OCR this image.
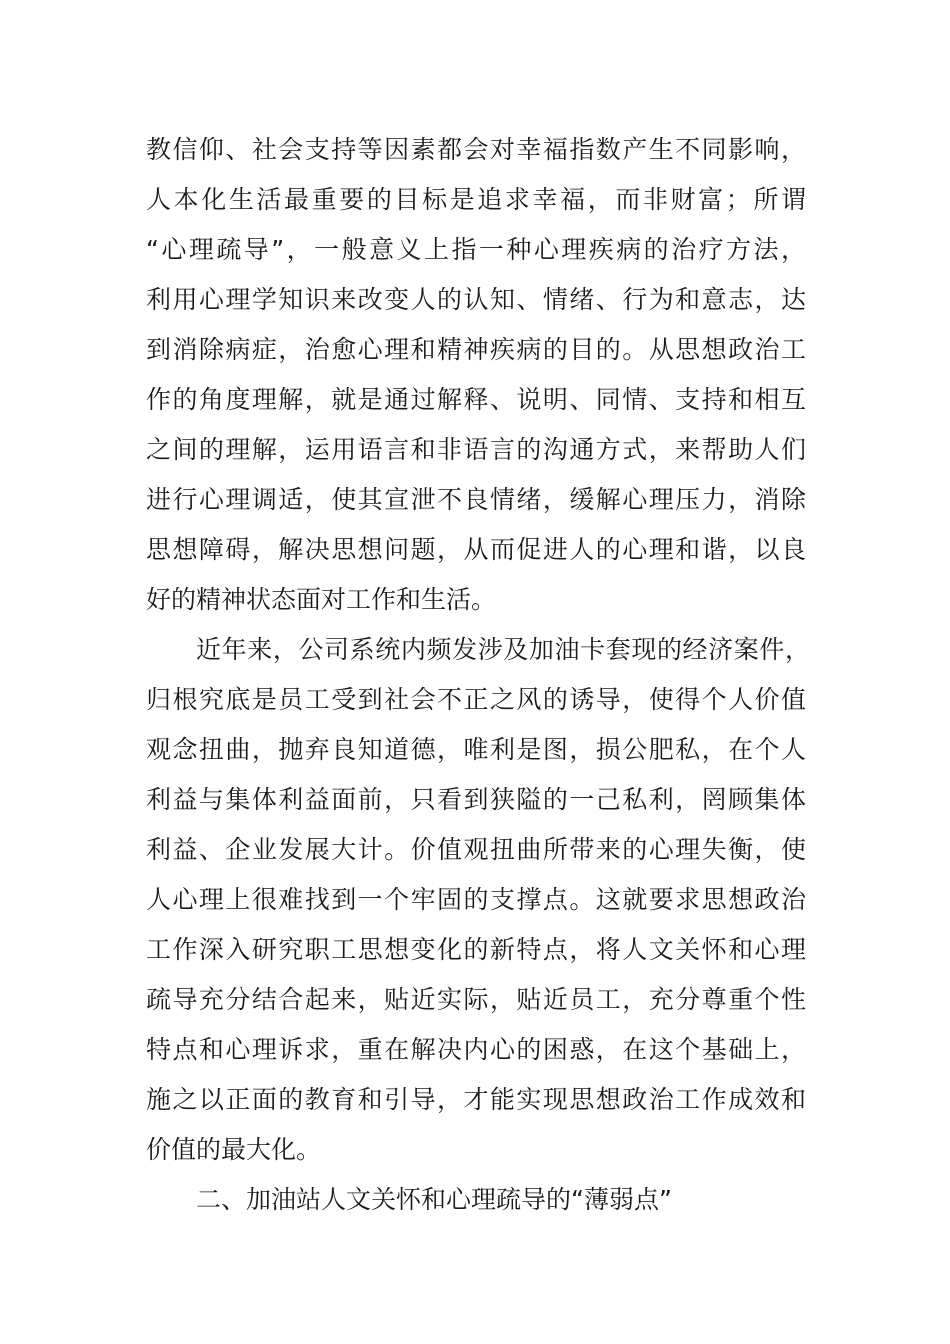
教信仰、社会支持等因素都会对幸福指数产生不同影响，
人本化生活最重要的目标是追求幸福，而非财富；所谓
“心理疏导”，一般意义上指一种心理疾病的治疗方法，
利用心理学知识来改变人的认知、情绪、行为和意志，达
到消除病症，治愈心理和精神疾病的目的。从思想政治工
作的角度理解，就是通过解释、说明、同情、支持和相互
之间的理解，运用语言和非语言的沟通方式，来帮助人们
进行心理调适，使其宣泄不良情绪，缓解心理压力，消除
思想障碍，解决思想问题，从而促进人的心理和谐，以良
好的精神状态面对工作和生活。
近年来，公司系统内频发涉及加油卡套现的经济案件，
归根究底是员工受到社会不正之风的诱导，使得个人价值
观念扭曲，抛弃良知道德，唯利是图，损公肥私，在个人
利益与集体利益面前，只看到狭隘的一己私利，罔顾集体
利益、企业发展大计。价值观扭曲所带来的心理失衡，使
人心理上很难找到一个牢固的支撑点。这就要求思想政治
工作深入研究职工思想变化的新特点，将人文关怀和心理
疏导充分结合起来，贴近实际，贴近员工，充分尊重个性
特点和心理诉求，重在解决内心的困惑，在这个基础上，
施之以正面的教育和引导，才能实现思想政治工作成效和
价值的最大化。
二、加油站人文关怀和心理疏导的“薄弱点”
